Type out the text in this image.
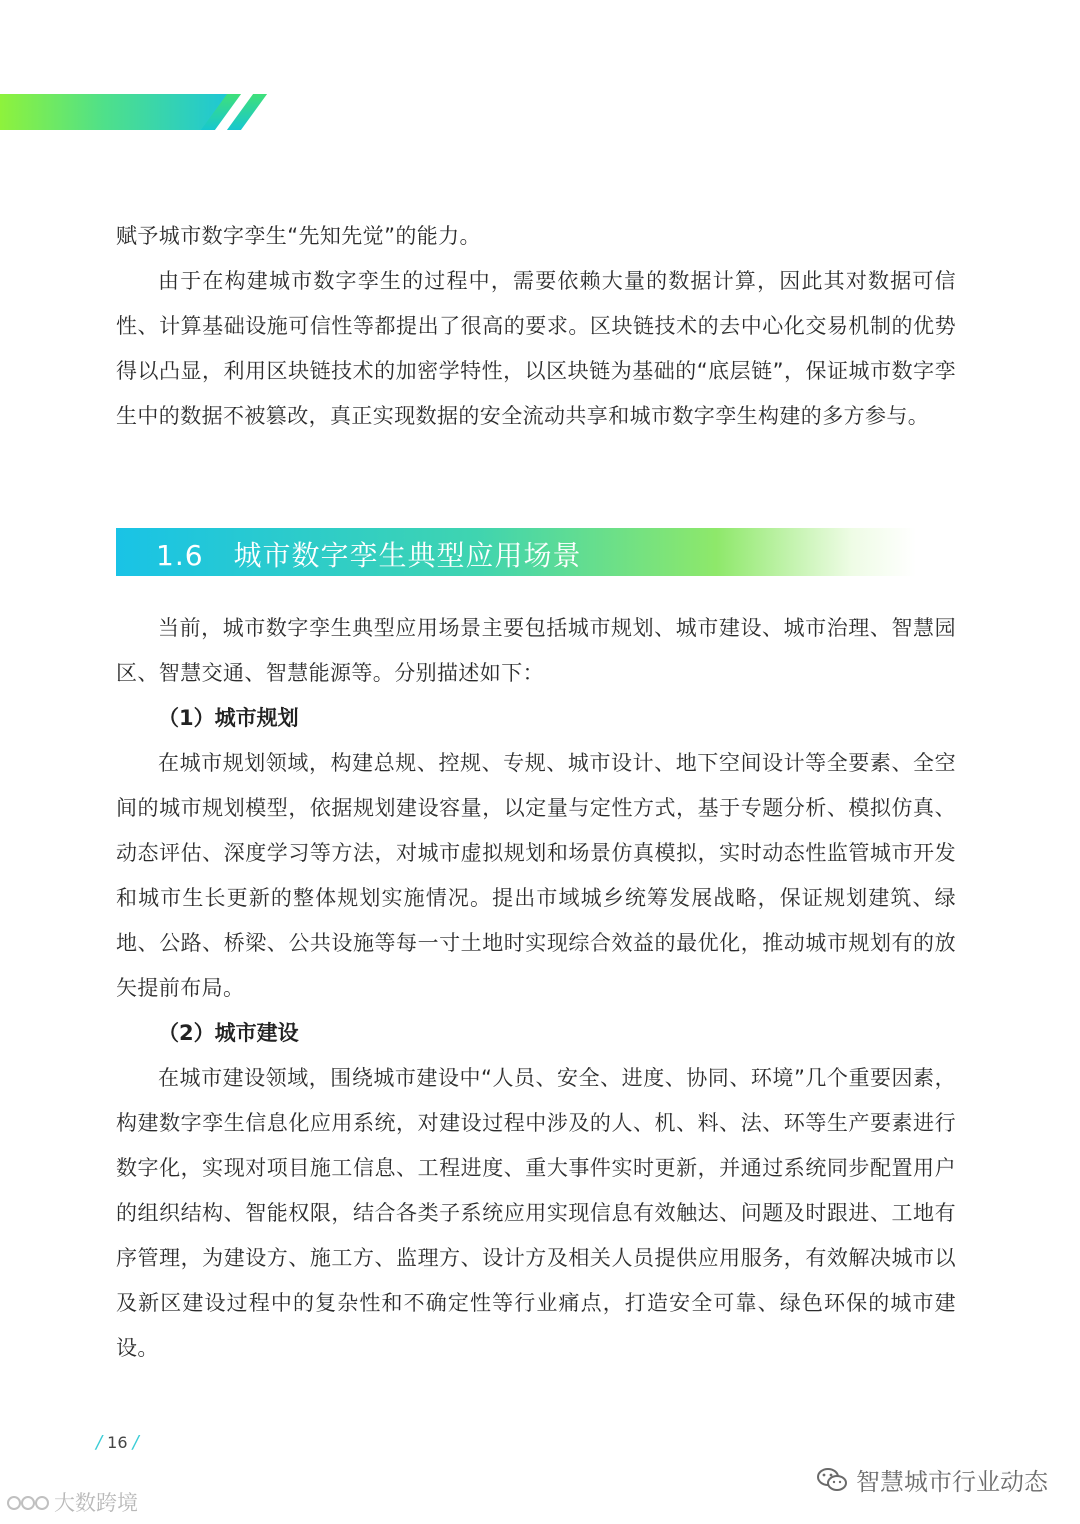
赋予城市数字孪生“先知先觉”的能力。

由于在构建城市数字孪生的过程中，需要依赖大量的数据计算，因此其对数据可信性、计算基础设施可信性等都提出了很高的要求。区块链技术的去中心化交易机制的优势得以凸显，利用区块链技术的加密学特性，以区块链为基础的“底层链”，保证城市数字孪生中的数据不被篡改，真正实现数据的安全流动共享和城市数字孪生构建的多方参与。

1.6 城市数字孪生典型应用场景

当前，城市数字孪生典型应用场景主要包括城市规划、城市建设、城市治理、智慧园区、智慧交通、智慧能源等。分别描述如下：

（1）城市规划

在城市规划领域，构建总规、控规、专规、城市设计、地下空间设计等全要素、全空间的城市规划模型，依据规划建设容量，以定量与定性方式，基于专题分析、模拟仿真、动态评估、深度学习等方法，对城市虚拟规划和场景仿真模拟，实时动态性监管城市开发和城市生长更新的整体规划实施情况。提出市域城乡统筹发展战略，保证规划建筑、绿地、公路、桥梁、公共设施等每一寸土地时实现综合效益的最优化，推动城市规划有的放矢提前布局。

（2）城市建设

在城市建设领域，围绕城市建设中“人员、安全、进度、协同、环境”几个重要因素，构建数字孪生信息化应用系统，对建设过程中涉及的人、机、料、法、环等生产要素进行数字化，实现对项目施工信息、工程进度、重大事件实时更新，并通过系统同步配置用户的组织结构、智能权限，结合各类子系统应用实现信息有效触达、问题及时跟进、工地有序管理，为建设方、施工方、监理方、设计方及相关人员提供应用服务，有效解决城市以及新区建设过程中的复杂性和不确定性等行业痛点，打造安全可靠、绿色环保的城市建设。

/ 16 /
智慧城市行业动态
大数跨境
